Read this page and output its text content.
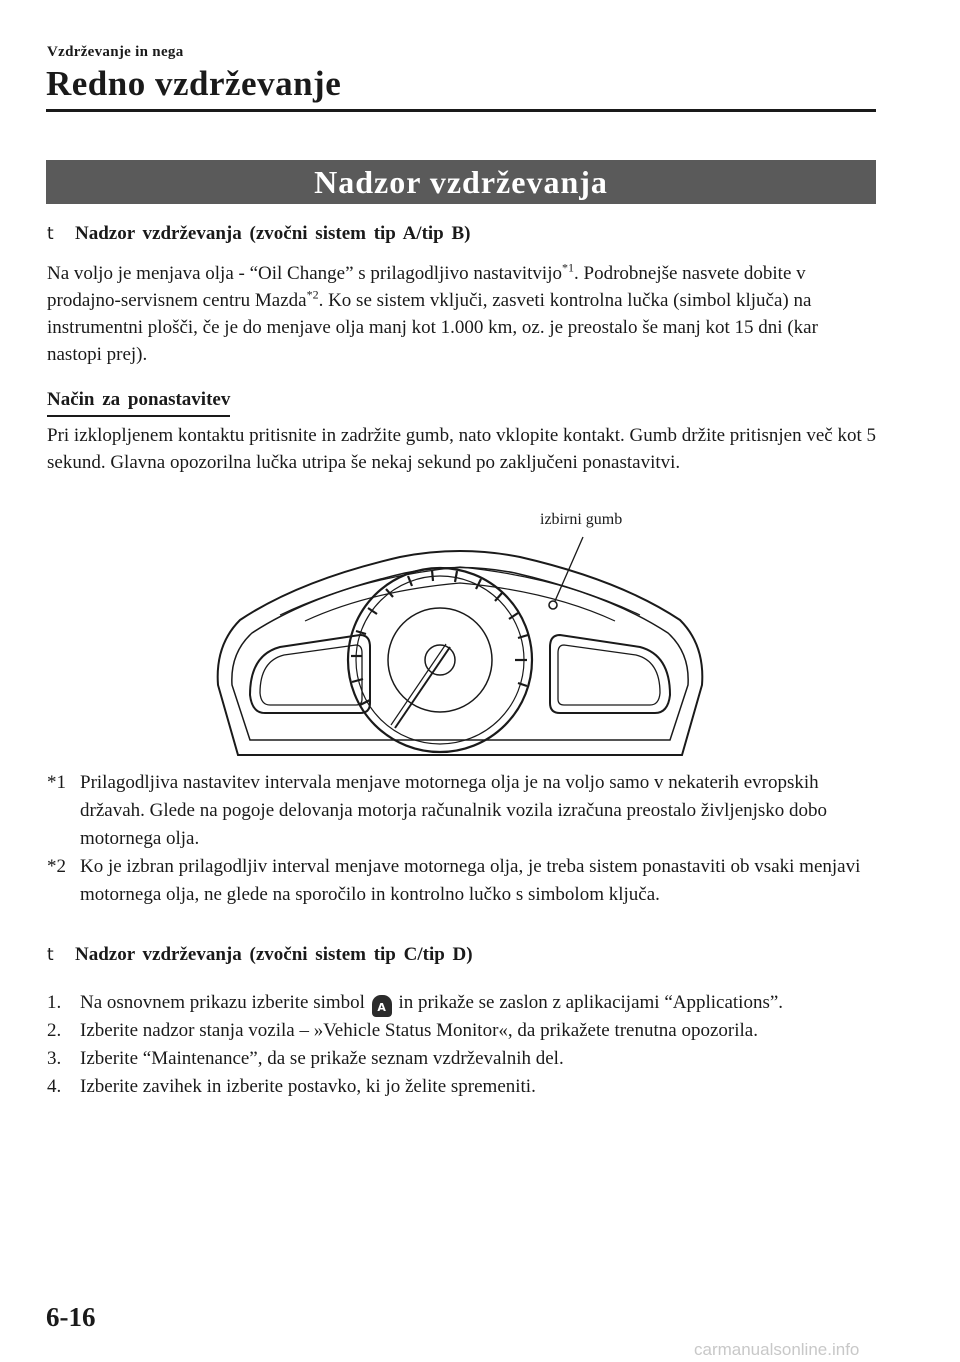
Vzdrževanje in nega
Redno vzdrževanje
Nadzor vzdrževanja
t Nadzor vzdrževanja (zvočni sistem tip A/tip B)

Na voljo je menjava olja - “Oil Change” s prilagodljivo nastavitvijo$^{*1}$. Podrobnejše nasvete dobite v prodajno-servisnem centru Mazda$^{*2}$. Ko se sistem vključi, zasveti kontrolna lučka (simbol ključa) na instrumentni plošči, če je do menjave olja manj kot 1.000 km, oz. je preostalo še manj kot 15 dni (kar nastopi prej).

Način za ponastavitev

Pri izklopljenem kontaktu pritisnite in zadržite gumb, nato vklopite kontakt. Gumb držite pritisnjen več kot 5 sekund. Glavna opozorilna lučka utripa še nekaj sekund po zaključeni ponastavitvi.

izbirni gumb

*1 Prilagodljiva nastavitev intervala menjave motornega olja je na voljo samo v nekaterih evropskih državah. Glede na pogoje delovanja motorja računalnik vozila izračuna preostalo življenjsko dobo motornega olja.

*2 Ko je izbran prilagodljiv interval menjave motornega olja, je treba sistem ponastaviti ob vsaki menjavi motornega olja, ne glede na sporočilo in kontrolno lučko s simbolom ključa.

t Nadzor vzdrževanja (zvočni sistem tip C/tip D)

1. Na osnovnem prikazu izberite simbol A in prikaže se zaslon z aplikacijami “Applications”.

2. Izberite nadzor stanja vozila – »Vehicle Status Monitor«, da prikažete trenutna opozorila.

3. Izberite “Maintenance”, da se prikaže seznam vzdrževalnih del.

4. Izberite zavihek in izberite postavko, ki jo želite spremeniti.

6-16
carmanualsonline.info
